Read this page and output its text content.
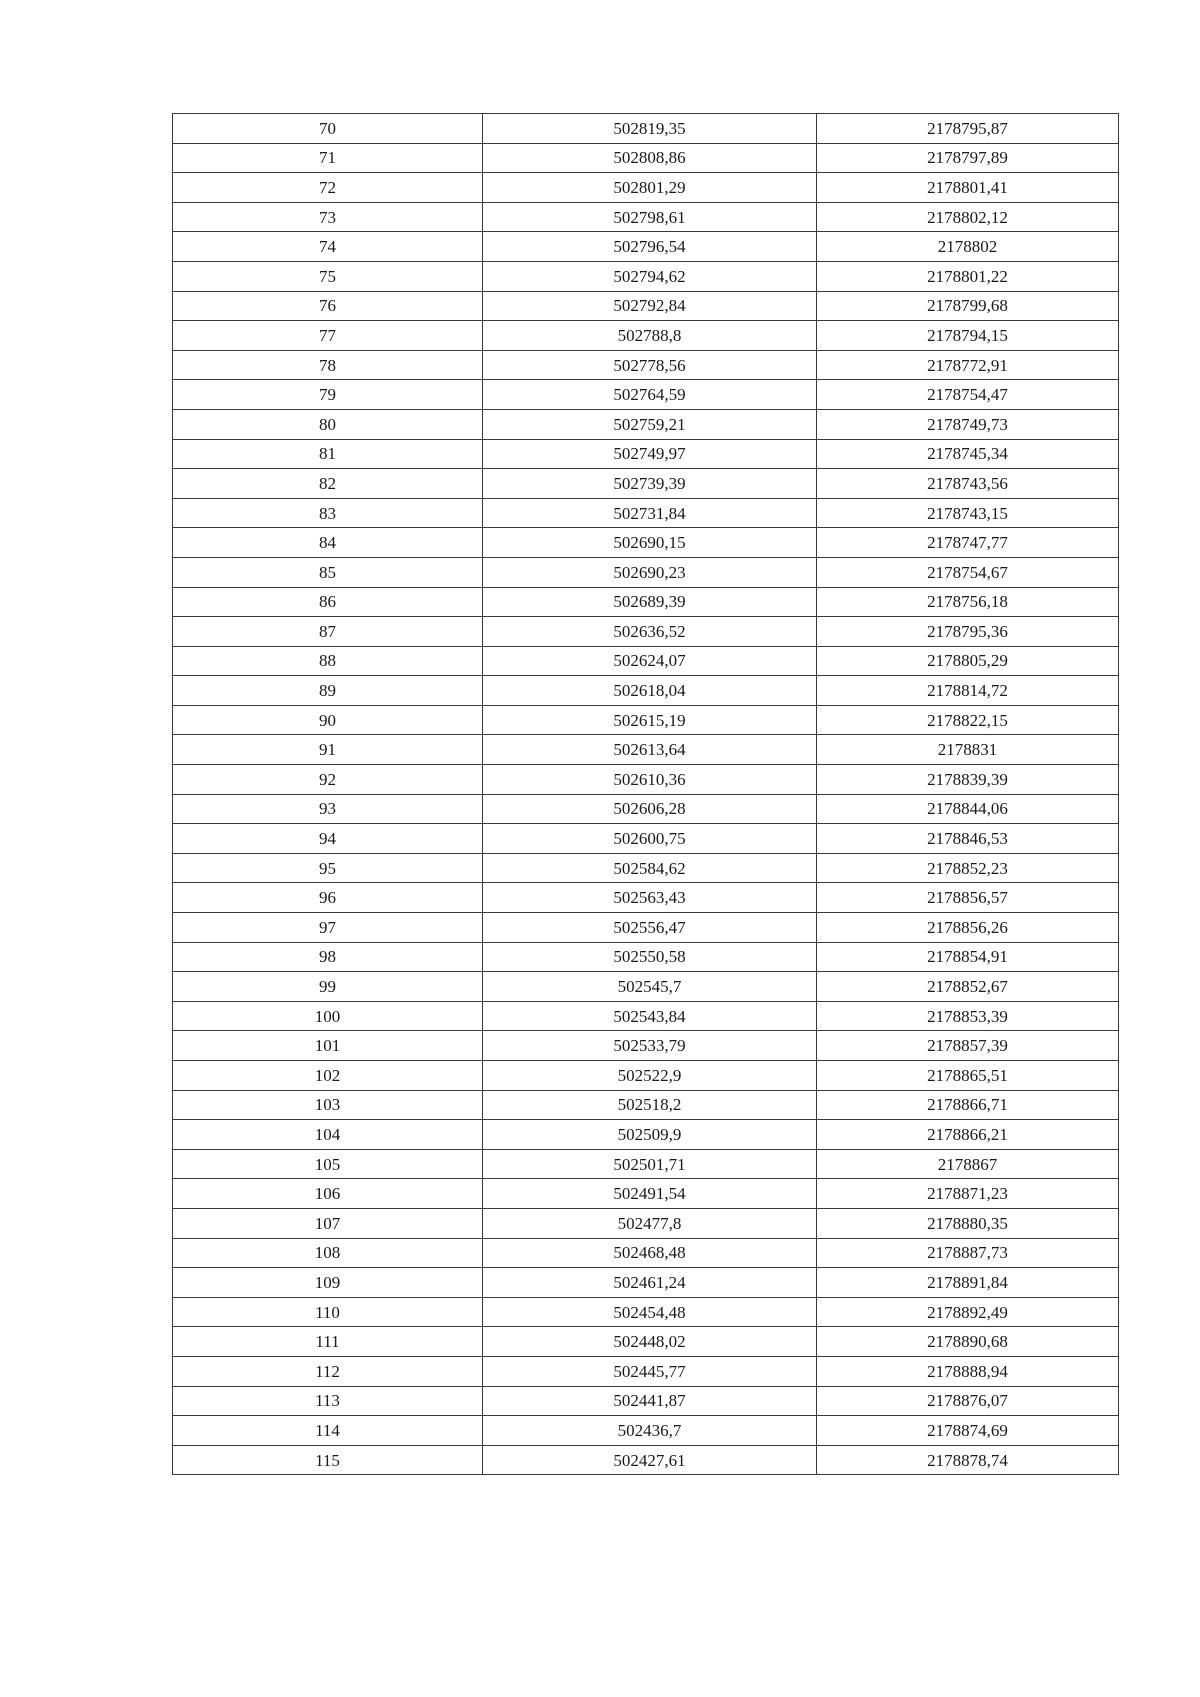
70	502819,35	2178795,87
71	502808,86	2178797,89
72	502801,29	2178801,41
73	502798,61	2178802,12
74	502796,54	2178802
75	502794,62	2178801,22
76	502792,84	2178799,68
77	502788,8	2178794,15
78	502778,56	2178772,91
79	502764,59	2178754,47
80	502759,21	2178749,73
81	502749,97	2178745,34
82	502739,39	2178743,56
83	502731,84	2178743,15
84	502690,15	2178747,77
85	502690,23	2178754,67
86	502689,39	2178756,18
87	502636,52	2178795,36
88	502624,07	2178805,29
89	502618,04	2178814,72
90	502615,19	2178822,15
91	502613,64	2178831
92	502610,36	2178839,39
93	502606,28	2178844,06
94	502600,75	2178846,53
95	502584,62	2178852,23
96	502563,43	2178856,57
97	502556,47	2178856,26
98	502550,58	2178854,91
99	502545,7	2178852,67
100	502543,84	2178853,39
101	502533,79	2178857,39
102	502522,9	2178865,51
103	502518,2	2178866,71
104	502509,9	2178866,21
105	502501,71	2178867
106	502491,54	2178871,23
107	502477,8	2178880,35
108	502468,48	2178887,73
109	502461,24	2178891,84
110	502454,48	2178892,49
111	502448,02	2178890,68
112	502445,77	2178888,94
113	502441,87	2178876,07
114	502436,7	2178874,69
115	502427,61	2178878,74
